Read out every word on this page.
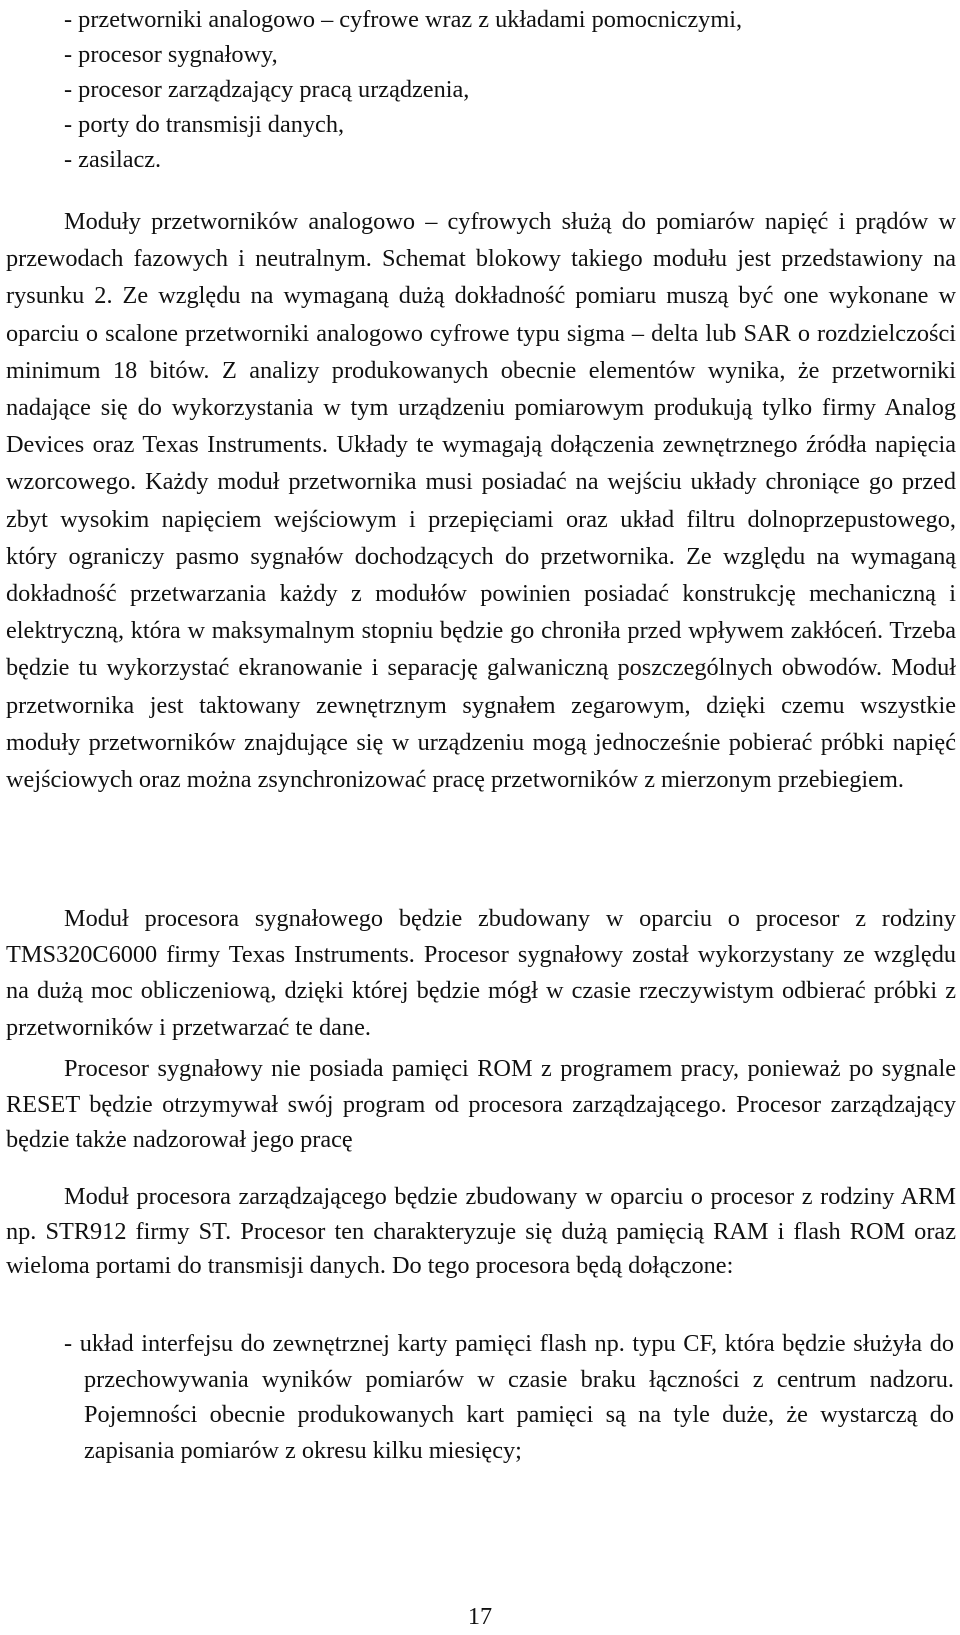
- przetworniki analogowo – cyfrowe wraz z układami pomocniczymi,
- procesor sygnałowy,
- procesor zarządzający pracą urządzenia,
- porty do transmisji danych,
- zasilacz.

Moduły przetworników analogowo – cyfrowych służą do pomiarów napięć i prądów w przewodach fazowych i neutralnym. Schemat blokowy takiego modułu jest przedstawiony na rysunku 2. Ze względu na wymaganą dużą dokładność pomiaru muszą być one wykonane w oparciu o scalone przetworniki analogowo cyfrowe typu sigma – delta lub SAR o rozdzielczości minimum 18 bitów. Z analizy produkowanych obecnie elementów wynika, że przetworniki nadające się do wykorzystania w tym urządzeniu pomiarowym produkują tylko firmy Analog Devices oraz Texas Instruments. Układy te wymagają dołączenia zewnętrznego źródła napięcia wzorcowego. Każdy moduł przetwornika musi posiadać na wejściu układy chroniące go przed zbyt wysokim napięciem wejściowym i przepięciami oraz układ filtru dolnoprzepustowego, który ograniczy pasmo sygnałów dochodzących do przetwornika. Ze względu na wymaganą dokładność przetwarzania każdy z modułów powinien posiadać konstrukcję mechaniczną i elektryczną, która w maksymalnym stopniu będzie go chroniła przed wpływem zakłóceń. Trzeba będzie tu wykorzystać ekranowanie i separację galwaniczną poszczególnych obwodów. Moduł przetwornika jest taktowany zewnętrznym sygnałem zegarowym, dzięki czemu wszystkie moduły przetworników znajdujące się w urządzeniu mogą jednocześnie pobierać próbki napięć wejściowych oraz można zsynchronizować pracę przetworników z mierzonym przebiegiem.

Moduł procesora sygnałowego będzie zbudowany w oparciu o procesor z rodziny TMS320C6000 firmy Texas Instruments. Procesor sygnałowy został wykorzystany ze względu na dużą moc obliczeniową, dzięki której będzie mógł w czasie rzeczywistym odbierać próbki z przetworników i przetwarzać te dane.

Procesor sygnałowy nie posiada pamięci ROM z programem pracy, ponieważ po sygnale RESET będzie otrzymywał swój program od procesora zarządzającego. Procesor zarządzający będzie także nadzorował jego pracę

Moduł procesora zarządzającego będzie zbudowany w oparciu o procesor z rodziny ARM np. STR912 firmy ST. Procesor ten charakteryzuje się dużą pamięcią RAM i flash ROM oraz wieloma portami do transmisji danych. Do tego procesora będą dołączone:

- układ interfejsu do zewnętrznej karty pamięci flash np. typu CF, która będzie służyła do przechowywania wyników pomiarów w czasie braku łączności z centrum nadzoru. Pojemności obecnie produkowanych kart pamięci są na tyle duże, że wystarczą do zapisania pomiarów z okresu kilku miesięcy;

17
